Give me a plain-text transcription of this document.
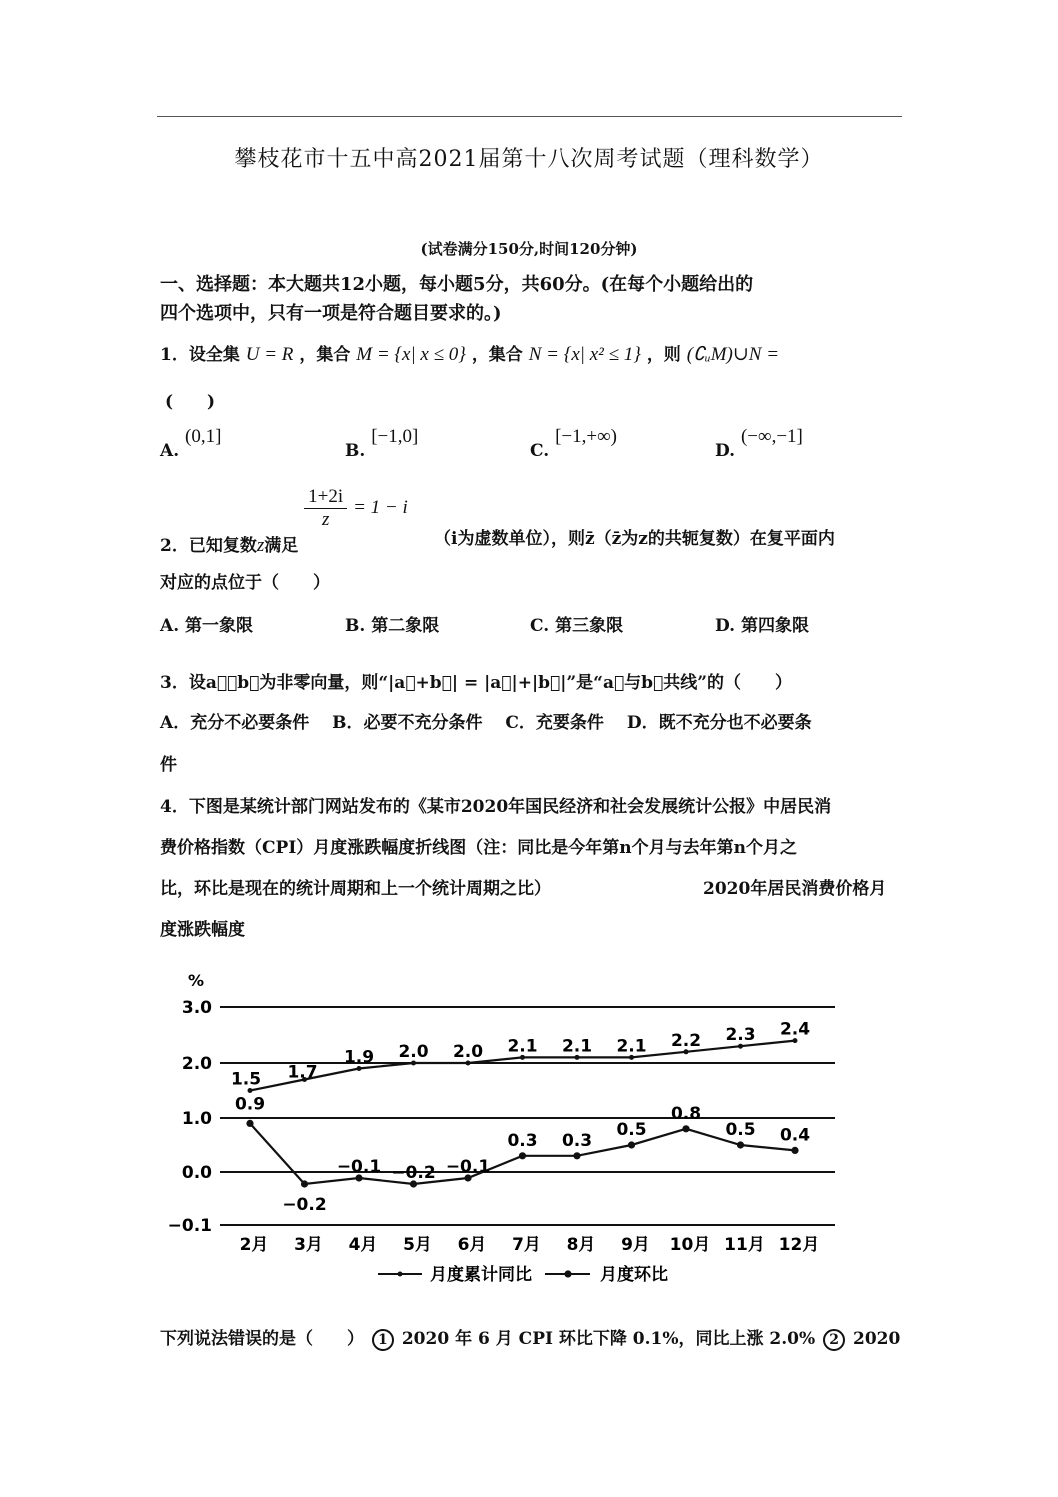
攀枝花市十五中高2021届第十八次周考试题（理科数学）
(试卷满分150分,时间120分钟)
一、选择题：本大题共12小题，每小题5分，共60分。(在每个小题给出的
四个选项中，只有一项是符合题目要求的。)
1．设全集 U = R ，集合 M = {x| x ≤ 0} ，集合 N = {x| x² ≤ 1} ，则 (∁ᵤM)∪N =
(　　)
A. (0,1]
B. [−1,0]
C. [−1,+∞)
D. (−∞,−1]
2．已知复数z满足
$\frac{1+2i}{z} = 1 - i$
（i为虚数单位），则z̄（z̄为z的共轭复数）在复平面内
对应的点位于（　　）
A. 第一象限	B. 第二象限	C. 第三象限	D. 第四象限
3．设a⃗，b⃗为非零向量，则“|a⃗+b⃗| = |a⃗|+|b⃗|”是“a⃗与b⃗共线”的（　　）
A．充分不必要条件　 B．必要不充分条件　 C．充要条件　 D．既不充分也不必要条
件
4．下图是某统计部门网站发布的《某市2020年国民经济和社会发展统计公报》中居民消
费价格指数（CPI）月度涨跌幅度折线图（注：同比是今年第n个月与去年第n个月之
比，环比是现在的统计周期和上一个统计周期之比）	2020年居民消费价格月
度涨跌幅度
%
3.0
2.0
1.0
0.0
−0.1
2月 3月 4月 5月 6月 7月 8月 9月 10月 11月 12月
1.5 1.7
1.9 2.0 2.0 2.1 2.1 2.1 2.2 2.3 2.4
0.9
−0.2
−0.1 −0.2 −0.1
0.3 0.3
0.5
0.8
0.5 0.4
月度累计同比	月度环比
下列说法错误的是（　　） 1 2020 年 6 月 CPI 环比下降 0.1%，同比上涨 2.0% 2 2020
